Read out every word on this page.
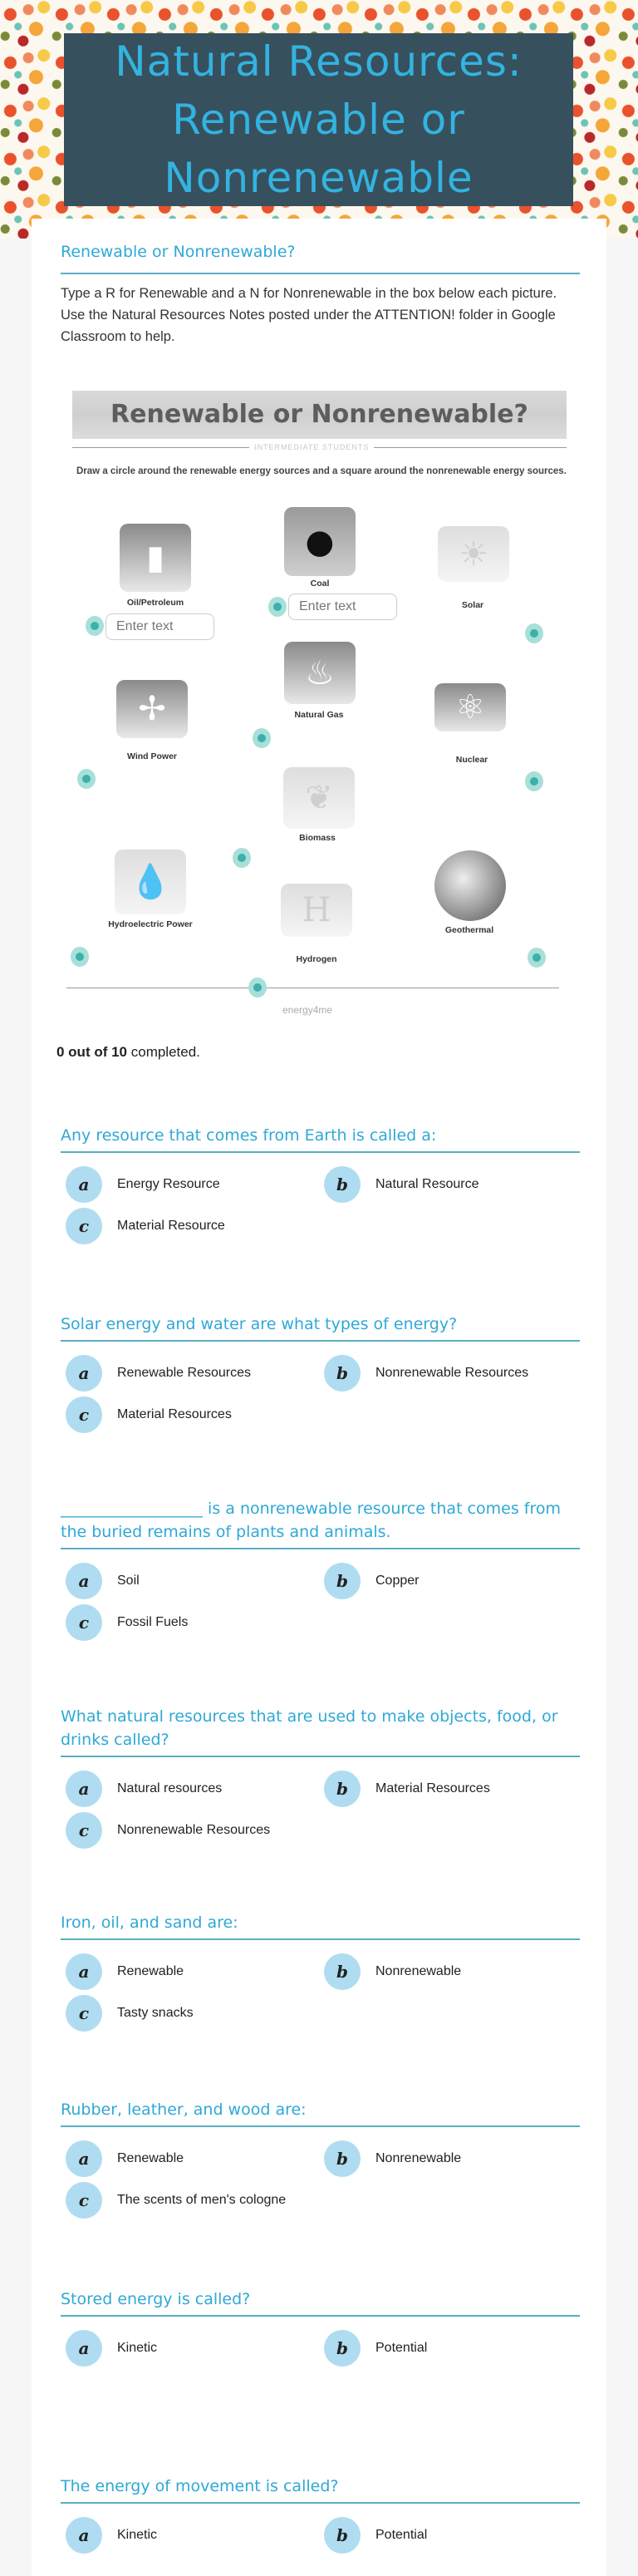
Natural Resources:
Renewable or
Nonrenewable
Renewable or Nonrenewable?
Type a R for Renewable and a N for Nonrenewable in the box below each picture. Use the Natural Resources Notes posted under the ATTENTION! folder in Google Classroom to help.
Renewable or Nonrenewable?
INTERMEDIATE STUDENTS
Draw a circle around the renewable energy sources and a square around the nonrenewable energy sources.
▮
Oil/Petroleum
●
Coal
☀
Solar
♨
Natural Gas
✢
Wind Power
⚛
Nuclear
❦
Biomass
💧
Hydroelectric Power	H
Hydrogen
Geothermal
energy4me
Enter text
Enter text
0 out of 10 completed.
Any resource that comes from Earth is called a:
a	Energy Resource	b	Natural Resource
c	Material Resource
Solar energy and water are what types of energy?
a	Renewable Resources	b	Nonrenewable Resources
c	Material Resources
__________________ is a nonrenewable resource that comes from the buried remains of plants and animals.
a	Soil	b	Copper
c	Fossil Fuels
What natural resources that are used to make objects, food, or drinks called?
a	Natural resources	b	Material Resources
c	Nonrenewable Resources
Iron, oil, and sand are:
a	Renewable	b	Nonrenewable
c	Tasty snacks
Rubber, leather, and wood are:
a	Renewable	b	Nonrenewable
c	The scents of men's cologne
Stored energy is called?
a	Kinetic	b	Potential
The energy of movement is called?
a	Kinetic	b	Potential
